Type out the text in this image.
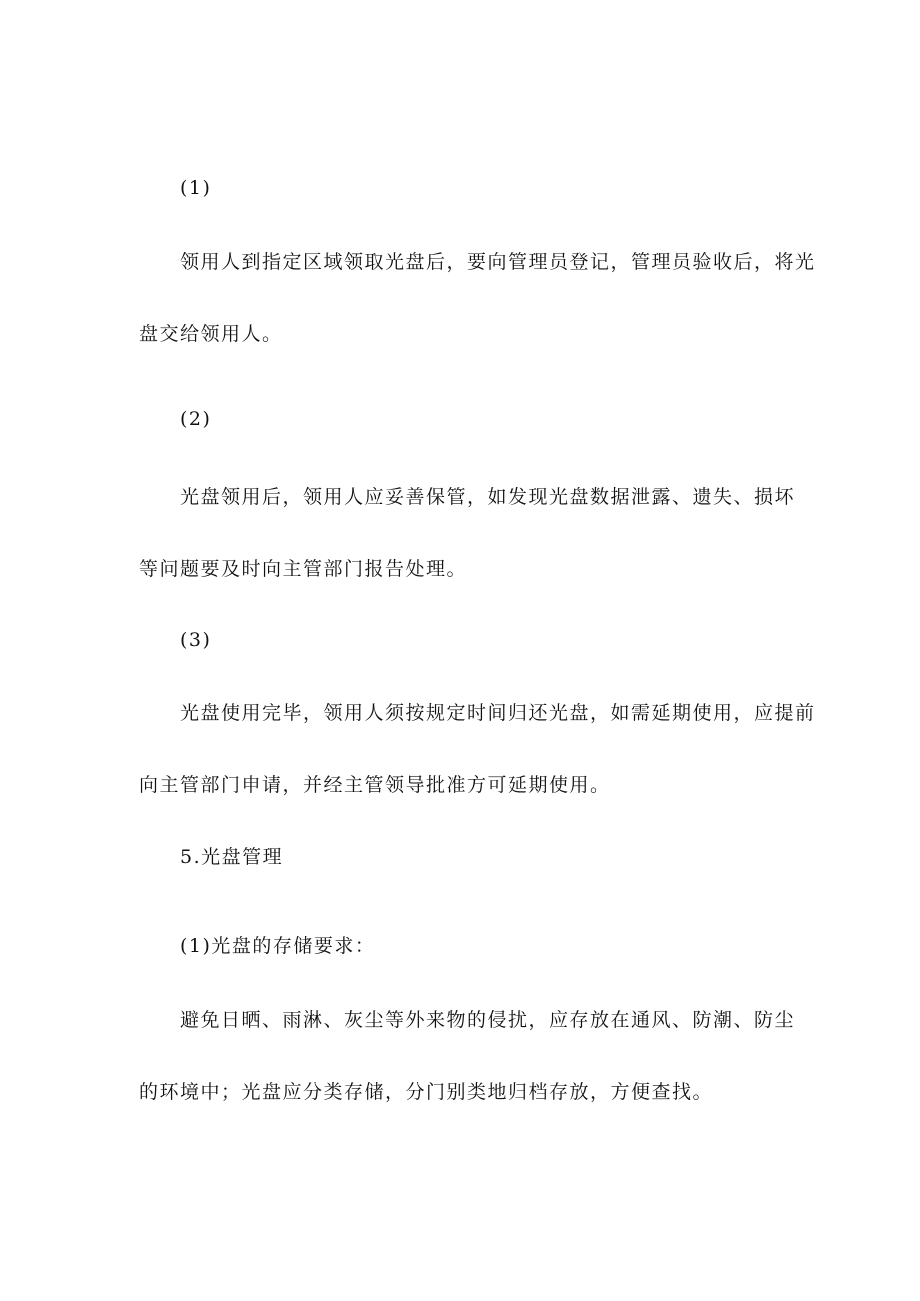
(1)
领用人到指定区域领取光盘后，要向管理员登记，管理员验收后，将光
盘交给领用人。
(2)
光盘领用后，领用人应妥善保管，如发现光盘数据泄露、遗失、损坏
等问题要及时向主管部门报告处理。
(3)
光盘使用完毕，领用人须按规定时间归还光盘，如需延期使用，应提前
向主管部门申请，并经主管领导批准方可延期使用。
5.光盘管理
(1)光盘的存储要求：
避免日晒、雨淋、灰尘等外来物的侵扰，应存放在通风、防潮、防尘
的环境中；光盘应分类存储，分门别类地归档存放，方便查找。
